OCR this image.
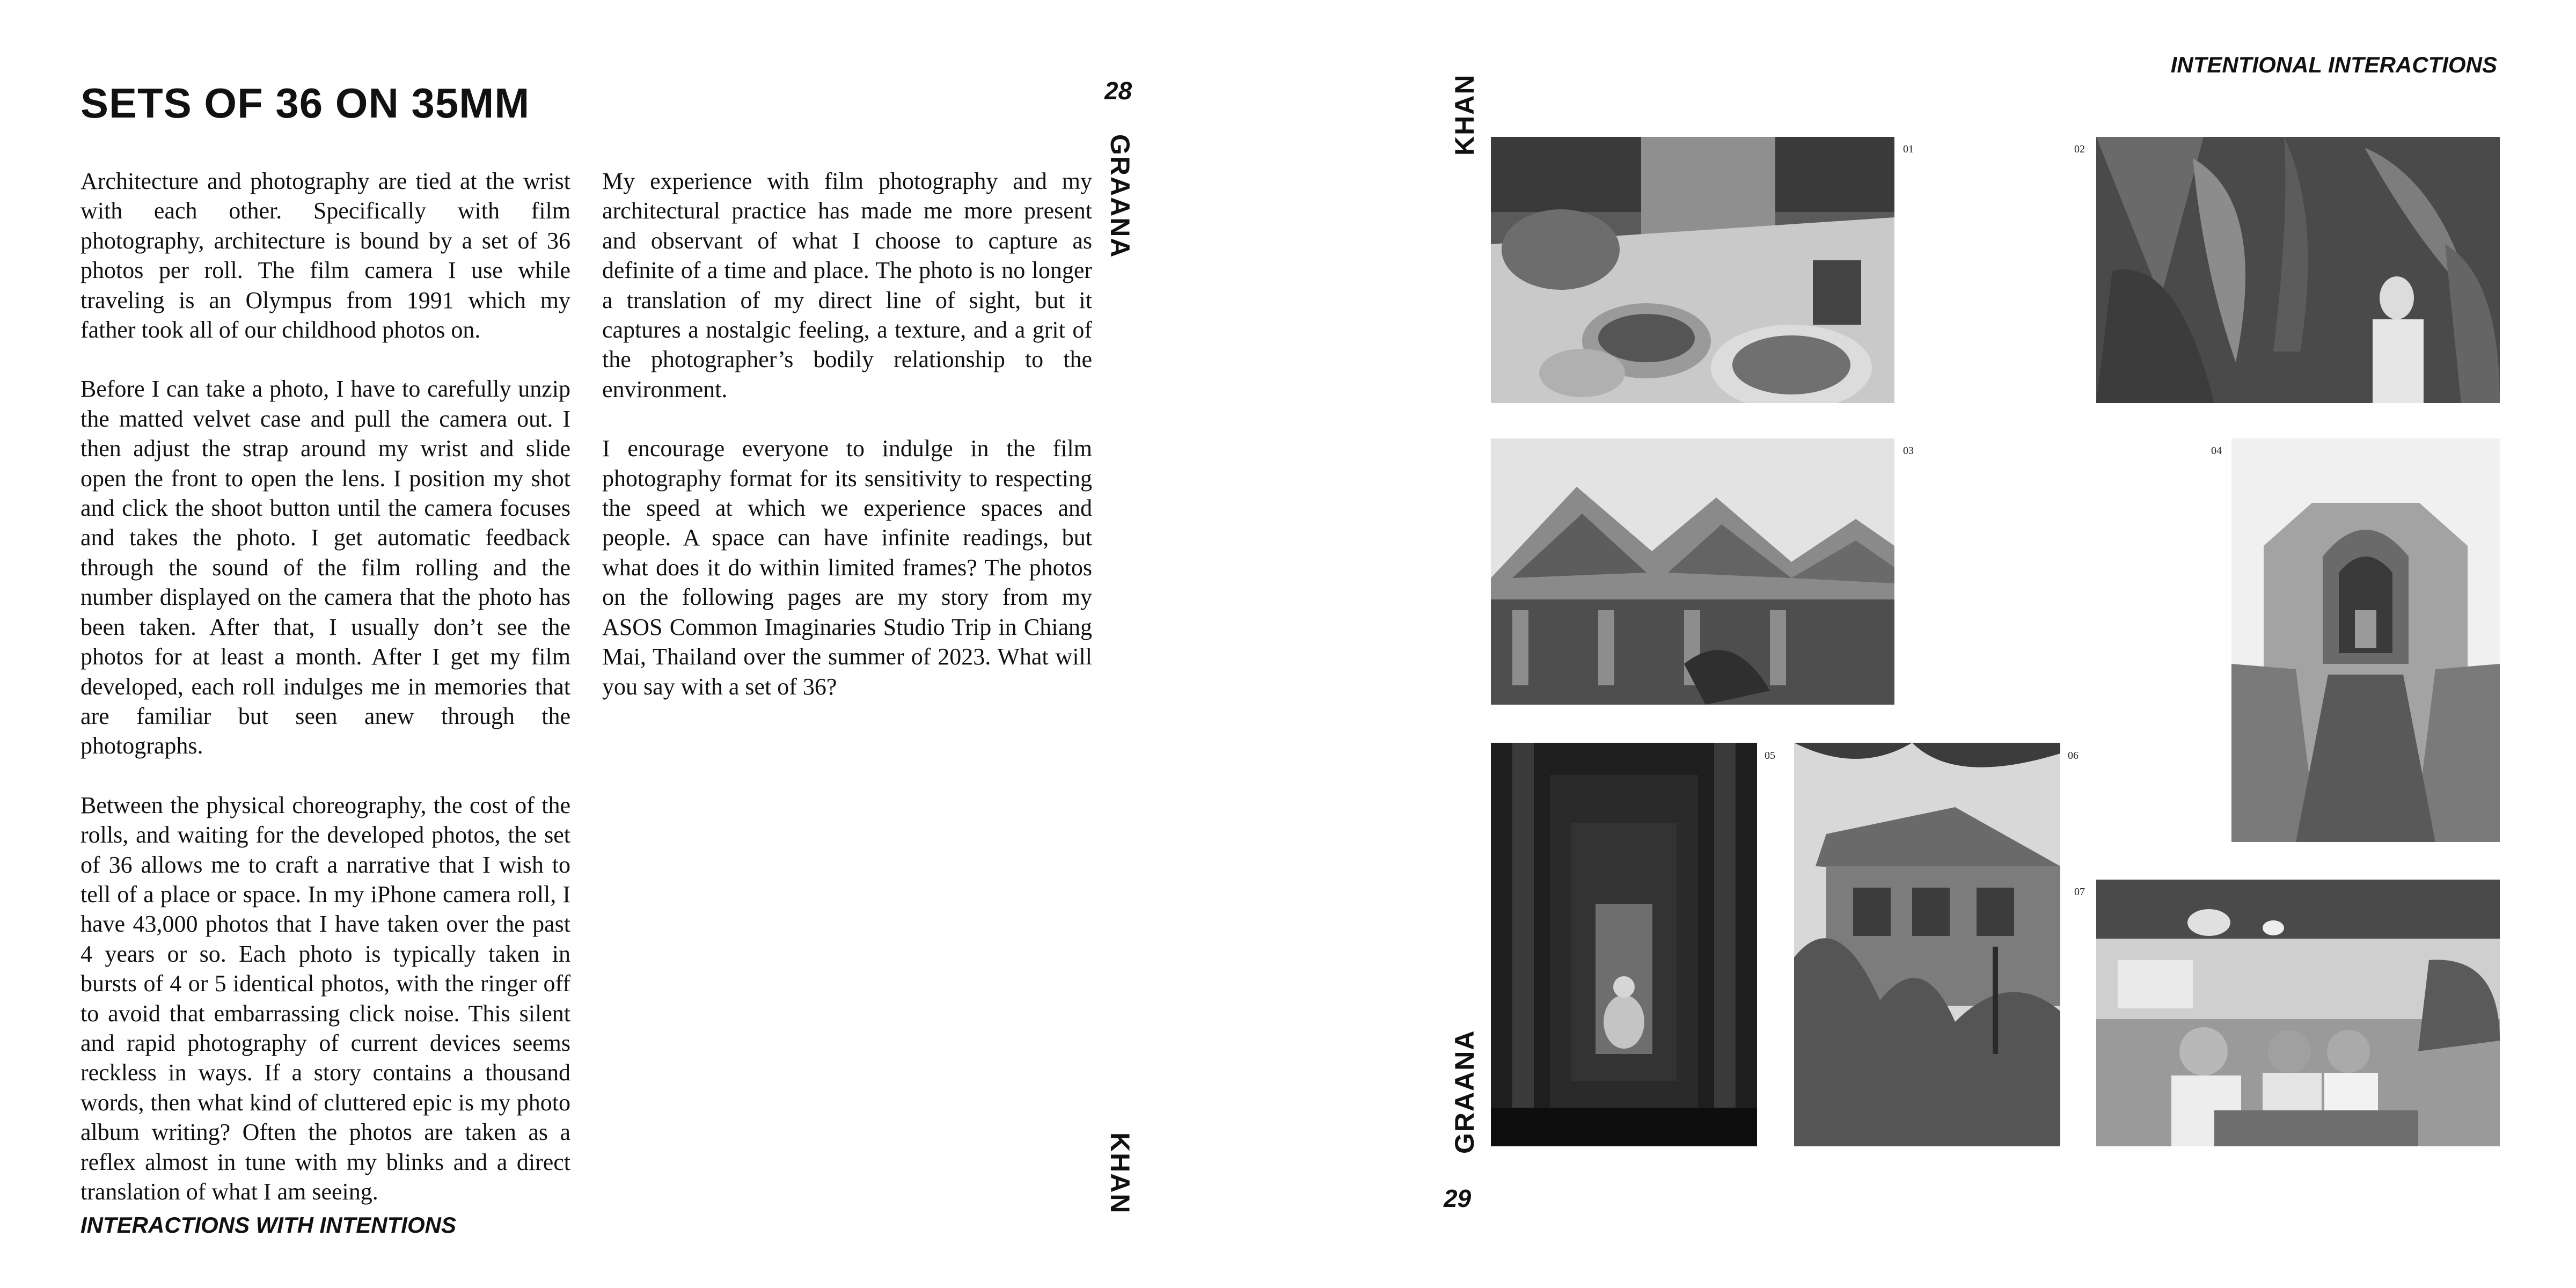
SETS OF 36 ON 35MM

Architecture and photography are tied at the wrist with each other. Specifically with film photography, architecture is bound by a set of 36 photos per roll. The film camera I use while traveling is an Olympus from 1991 which my father took all of our childhood photos on.

Before I can take a photo, I have to carefully unzip the matted velvet case and pull the camera out. I then adjust the strap around my wrist and slide open the front to open the lens. I position my shot and click the shoot button until the camera focuses and takes the photo. I get automatic feedback through the sound of the film rolling and the number displayed on the camera that the photo has been taken. After that, I usually don’t see the photos for at least a month. After I get my film developed, each roll indulges me in memories that are familiar but seen anew through the photographs.

Between the physical choreography, the cost of the rolls, and waiting for the developed photos, the set of 36 allows me to craft a narrative that I wish to tell of a place or space. In my iPhone camera roll, I have 43,000 photos that I have taken over the past 4 years or so. Each photo is typically taken in bursts of 4 or 5 identical photos, with the ringer off to avoid that embarrassing click noise. This silent and rapid photography of current devices seems reckless in ways. If a story contains a thousand words, then what kind of cluttered epic is my photo album writing? Often the photos are taken as a reflex almost in tune with my blinks and a direct translation of what I am seeing.

My experience with film photography and my architectural practice has made me more present and observant of what I choose to capture as definite of a time and place. The photo is no longer a translation of my direct line of sight, but it captures a nostalgic feeling, a texture, and a grit of the photographer’s bodily relationship to the environment.

I encourage everyone to indulge in the film photography format for its sensitivity to respecting the speed at which we experience spaces and people. A space can have infinite readings, but what does it do within limited frames? The photos on the following pages are my story from my ASOS Common Imaginaries Studio Trip in Chiang Mai, Thailand over the summer of 2023. What will you say with a set of 36?

28
GRAANA
KHAN
INTERACTIONS WITH INTENTIONS
INTENTIONAL INTERACTIONS
KHAN
GRAANA
29
01	02
03	04
05	06
07
